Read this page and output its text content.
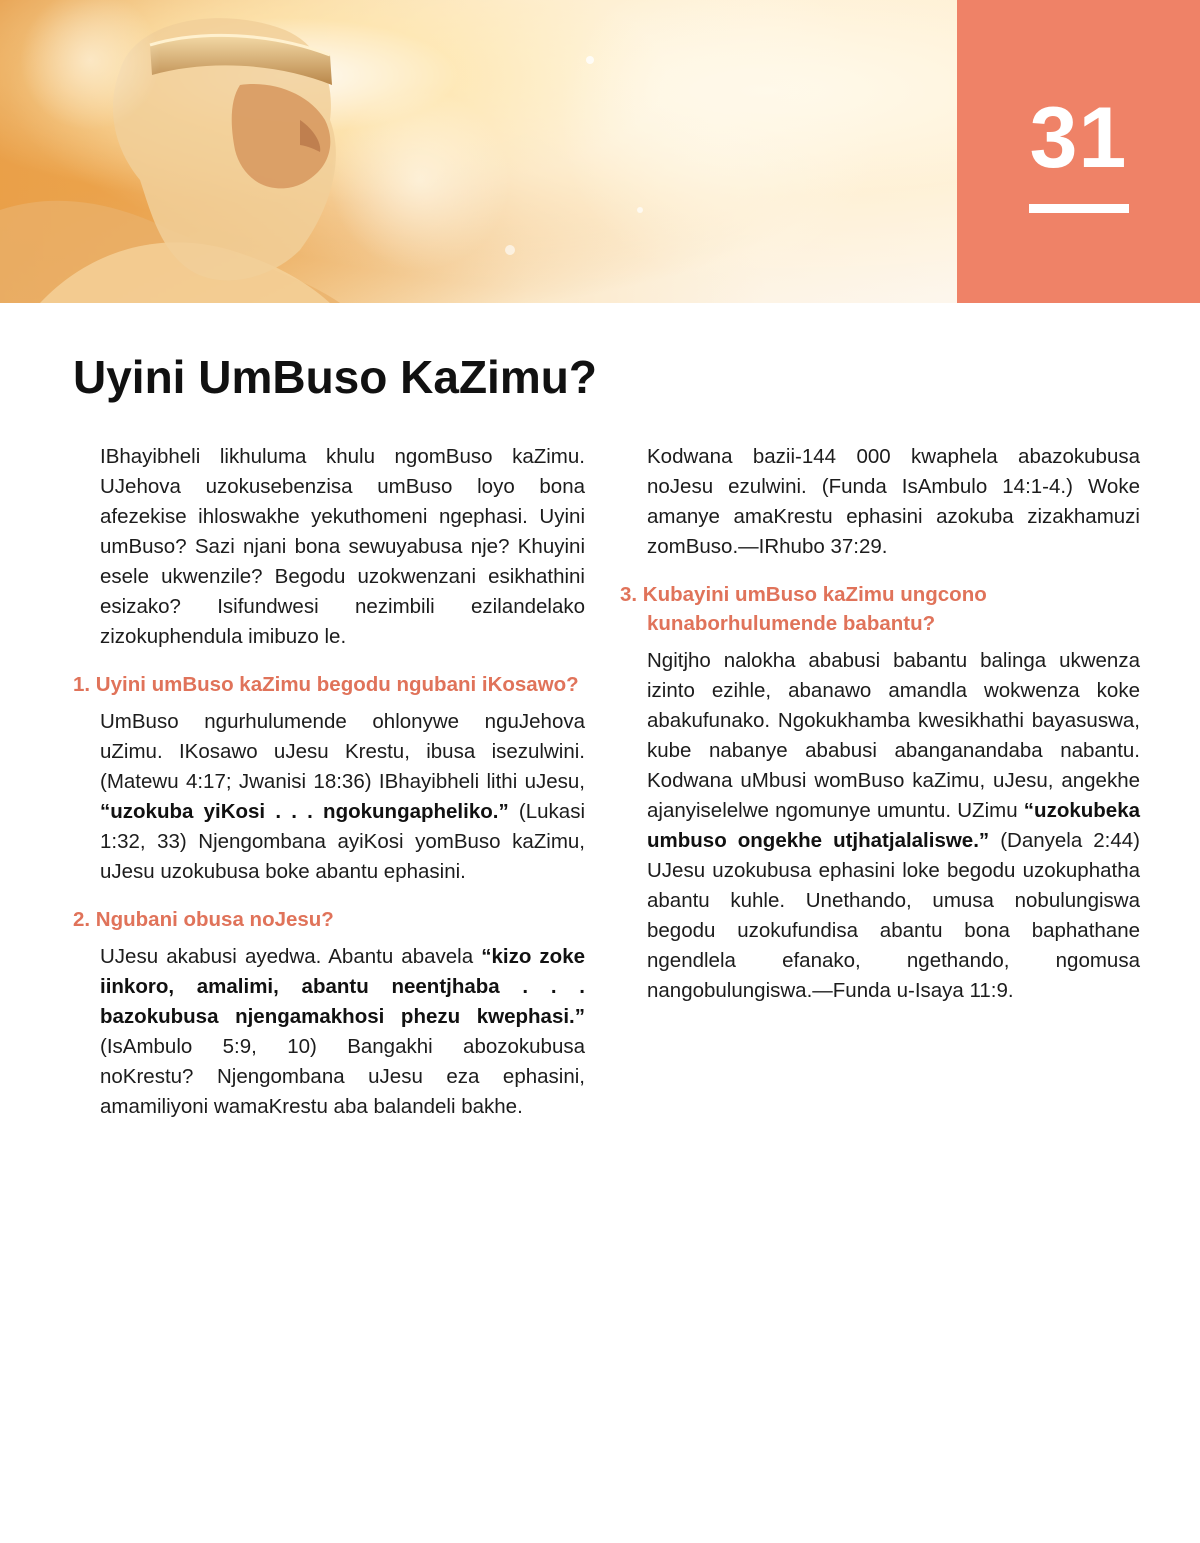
31
Uyini UmBuso KaZimu?

IBhayibheli likhuluma khulu ngomBuso kaZimu. UJehova uzokusebenzisa umBuso loyo bona afezekise ihloswakhe yekuthomeni ngephasi. Uyini umBuso? Sazi njani bona sewuyabusa nje? Khuyini esele ukwenzile? Begodu uzokwenzani esikhathini esizako? Isifundwesi nezimbili ezilandelako zizokuphendula imibuzo le.

1. Uyini umBuso kaZimu begodu ngubani iKosawo?

UmBuso ngurhulumende ohlonywe nguJehova uZimu. IKosawo uJesu Krestu, ibusa isezulwini. (Matewu 4:17; Jwanisi 18:36) IBhayibheli lithi uJesu, “uzokuba yiKosi . . . ngokungapheliko.” (Lukasi 1:32, 33) Njengombana ayiKosi yomBuso kaZimu, uJesu uzokubusa boke abantu ephasini.

2. Ngubani obusa noJesu?

UJesu akabusi ayedwa. Abantu abavela “kizo zoke iinkoro, amalimi, abantu neentjhaba . . . bazokubusa njengamakhosi phezu kwephasi.” (IsAmbulo 5:9, 10) Bangakhi abozokubusa noKrestu? Njengombana uJesu eza ephasini, amamiliyoni wamaKrestu aba balandeli bakhe.

Kodwana bazii-144 000 kwaphela abazokubusa noJesu ezulwini. (Funda IsAmbulo 14:1-4.) Woke amanye amaKrestu ephasini azokuba zizakhamuzi zomBuso.—IRhubo 37:29.

3. Kubayini umBuso kaZimu ungcono kunaborhulumende babantu?

Ngitjho nalokha ababusi babantu balinga ukwenza izinto ezihle, abanawo amandla wokwenza koke abakufunako. Ngokukhamba kwesikhathi bayasuswa, kube nabanye ababusi abanganandaba nabantu. Kodwana uMbusi womBuso kaZimu, uJesu, angekhe ajanyiselelwe ngomunye umuntu. UZimu “uzokubeka umbuso ongekhe utjhatjalaliswe.” (Danyela 2:44) UJesu uzokubusa ephasini loke begodu uzokuphatha abantu kuhle. Unethando, umusa nobulungiswa begodu uzokufundisa abantu bona baphathane ngendlela efanako, ngethando, ngomusa nangobulungiswa.—Funda u-Isaya 11:9.
